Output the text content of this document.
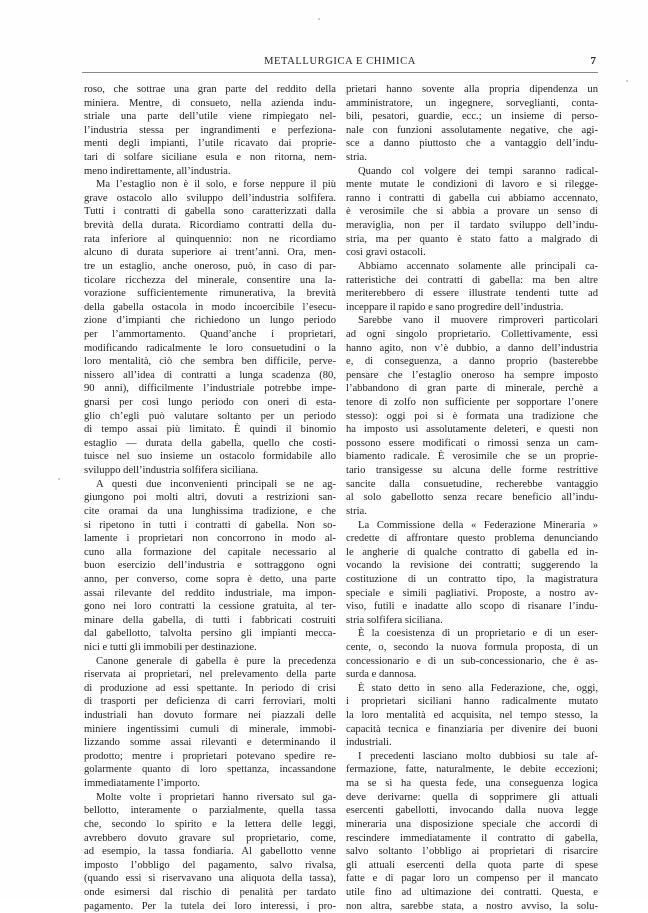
METALLURGICA E CHIMICA	7
roso, che sottrae una gran parte del reddito della
miniera. Mentre, di consueto, nella azienda indu-
striale una parte dell’utile viene rimpiegato nel-
l’industria stessa per ingrandimenti e perfeziona-
menti degli impianti, l’utile ricavato dai proprie-
tari di solfare siciliane esula e non ritorna, nem-
meno indirettamente, all’industria.
Ma l’estaglio non è il solo, e forse neppure il più
grave ostacolo allo sviluppo dell’industria solfifera.
Tutti i contratti di gabella sono caratterizzati dalla
brevità della durata. Ricordiamo contratti della du-
rata inferiore al quinquennio: non ne ricordiamo
alcuno di durata superiore ai trent’anni. Ora, men-
tre un estaglio, anche oneroso, può, in caso di par-
ticolare ricchezza del minerale, consentire una la-
vorazione sufficientemente rimunerativa, la brevità
della gabella ostacola in modo incoercibile l’esecu-
zione d’impianti che richiedono un lungo periodo
per l’ammortamento. Quand’anche i proprietari,
modificando radicalmente le loro consuetudini o la
loro mentalità, ciò che sembra ben difficile, perve-
nissero all’idea di contratti a lunga scadenza (80,
90 anni), difficilmente l’industriale potrebbe impe-
gnarsi per così lungo periodo con oneri di esta-
glio ch’egli può valutare soltanto per un periodo
di tempo assai più limitato. È quindi il binomio
estaglio — durata della gabella, quello che costi-
tuisce nel suo insieme un ostacolo formidabile allo
sviluppo dell’industria solfifera siciliana.
A questi due inconvenienti principali se ne ag-
giungono poi molti altri, dovuti a restrizioni san-
cite oramai da una lunghissima tradizione, e che
si ripetono in tutti i contratti di gabella. Non so-
lamente i proprietari non concorrono in modo al-
cuno alla formazione del capitale necessario al
buon esercizio dell’industria e sottraggono ogni
anno, per converso, come sopra è detto, una parte
assai rilevante del reddito industriale, ma impon-
gono nei loro contratti la cessione gratuita, al ter-
minare della gabella, di tutti i fabbricati costruiti
dal gabellotto, talvolta persino gli impianti mecca-
nici e tutti gli immobili per destinazione.
Canone generale di gabella è pure la precedenza
riservata ai proprietari, nel prelevamento della parte
di produzione ad essi spettante. In periodo di crisi
di trasporti per deficienza di carri ferroviari, molti
industriali han dovuto formare nei piazzali delle
miniere ingentissimi cumuli di minerale, immobi-
lizzando somme assai rilevanti e determinando il
prodotto; mentre i proprietari potevano spedire re-
golarmente quanto di loro spettanza, incassandone
immediatamente l’importo.
Molte volte i proprietari hanno riversato sul ga-
bellotto, interamente o parzialmente, quella tassa
che, secondo lo spirito e la lettera delle leggi,
avrebbero dovuto gravare sul proprietario, come,
ad esempio, la tassa fondiaria. Al gabellotto venne
imposto l’obbligo del pagamento, salvo rivalsa,
(quando essi si riservavano una aliquota della tassa),
onde esimersi dal rischio di penalità per tardato
pagamento. Per la tutela dei loro interessi, i pro-
prietari hanno sovente alla propria dipendenza un
amministratore, un ingegnere, sorveglianti, conta-
bili, pesatori, guardie, ecc.; un insieme di perso-
nale con funzioni assolutamente negative, che agi-
sce a danno piuttosto che a vantaggio dell’indu-
stria.
Quando col volgere dei tempi saranno radical-
mente mutate le condizioni di lavoro e si rilegge-
ranno i contratti di gabella cui abbiamo accennato,
è verosimile che si abbia a provare un senso di
meraviglia, non per il tardato sviluppo dell’indu-
stria, ma per quanto è stato fatto a malgrado di
così gravi ostacoli.
Abbiamo accennato solamente alle principali ca-
ratteristiche dei contratti di gabella: ma ben altre
meriterebbero di essere illustrate tendenti tutte ad
inceppare il rapido e sano progredire dell’industria.
Sarebbe vano il muovere rimproveri particolari
ad ogni singolo proprietario. Collettivamente, essi
hanno agito, non v’è dubbio, a danno dell’industria
e, di conseguenza, a danno proprio (basterebbe
pensare che l’estaglio oneroso ha sempre imposto
l’abbandono di gran parte di minerale, perchè a
tenore di zolfo non sufficiente per sopportare l’onere
stesso): oggi poi si è formata una tradizione che
ha imposto usi assolutamente deleteri, e questi non
possono essere modificati o rimossi senza un cam-
biamento radicale. È verosimile che se un proprie-
tario transigesse su alcuna delle forme restrittive
sancite dalla consuetudine, recherebbe vantaggio
al solo gabellotto senza recare beneficio all’indu-
stria.
La Commissione della « Federazione Mineraria »
credette di affrontare questo problema denunciando
le angherie di qualche contratto di gabella ed in-
vocando la revisione dei contratti; suggerendo la
costituzione di un contratto tipo, la magistratura
speciale e simili pagliativi. Proposte, a nostro av-
viso, futili e inadatte allo scopo di risanare l’indu-
stria solfifera siciliana.
È la coesistenza di un proprietario e di un eser-
cente, o, secondo la nuova formula proposta, di un
concessionario e di un sub-concessionario, che è as-
surda e dannosa.
È stato detto in seno alla Federazione, che, oggi,
i proprietari siciliani hanno radicalmente mutato
la loro mentalità ed acquisita, nel tempo stesso, la
capacità tecnica e finanziaria per divenire dei buoni
industriali.
I precedenti lasciano molto dubbiosi su tale af-
fermazione, fatte, naturalmente, le debite eccezioni;
ma se si ha questa fede, una conseguenza logica
deve derivarne: quella di sopprimere gli attuali
esercenti gabellotti, invocando dalla nuova legge
mineraria una disposizione speciale che accordi di
rescindere immediatamente il contratto di gabella,
salvo soltanto l’obbligo ai proprietari di risarcire
gli attuali esercenti della quota parte di spese
fatte e di pagar loro un compenso per il mancato
utile fino ad ultimazione dei contratti. Questa, e
non altra, sarebbe stata, a nostro avviso, la solu-
